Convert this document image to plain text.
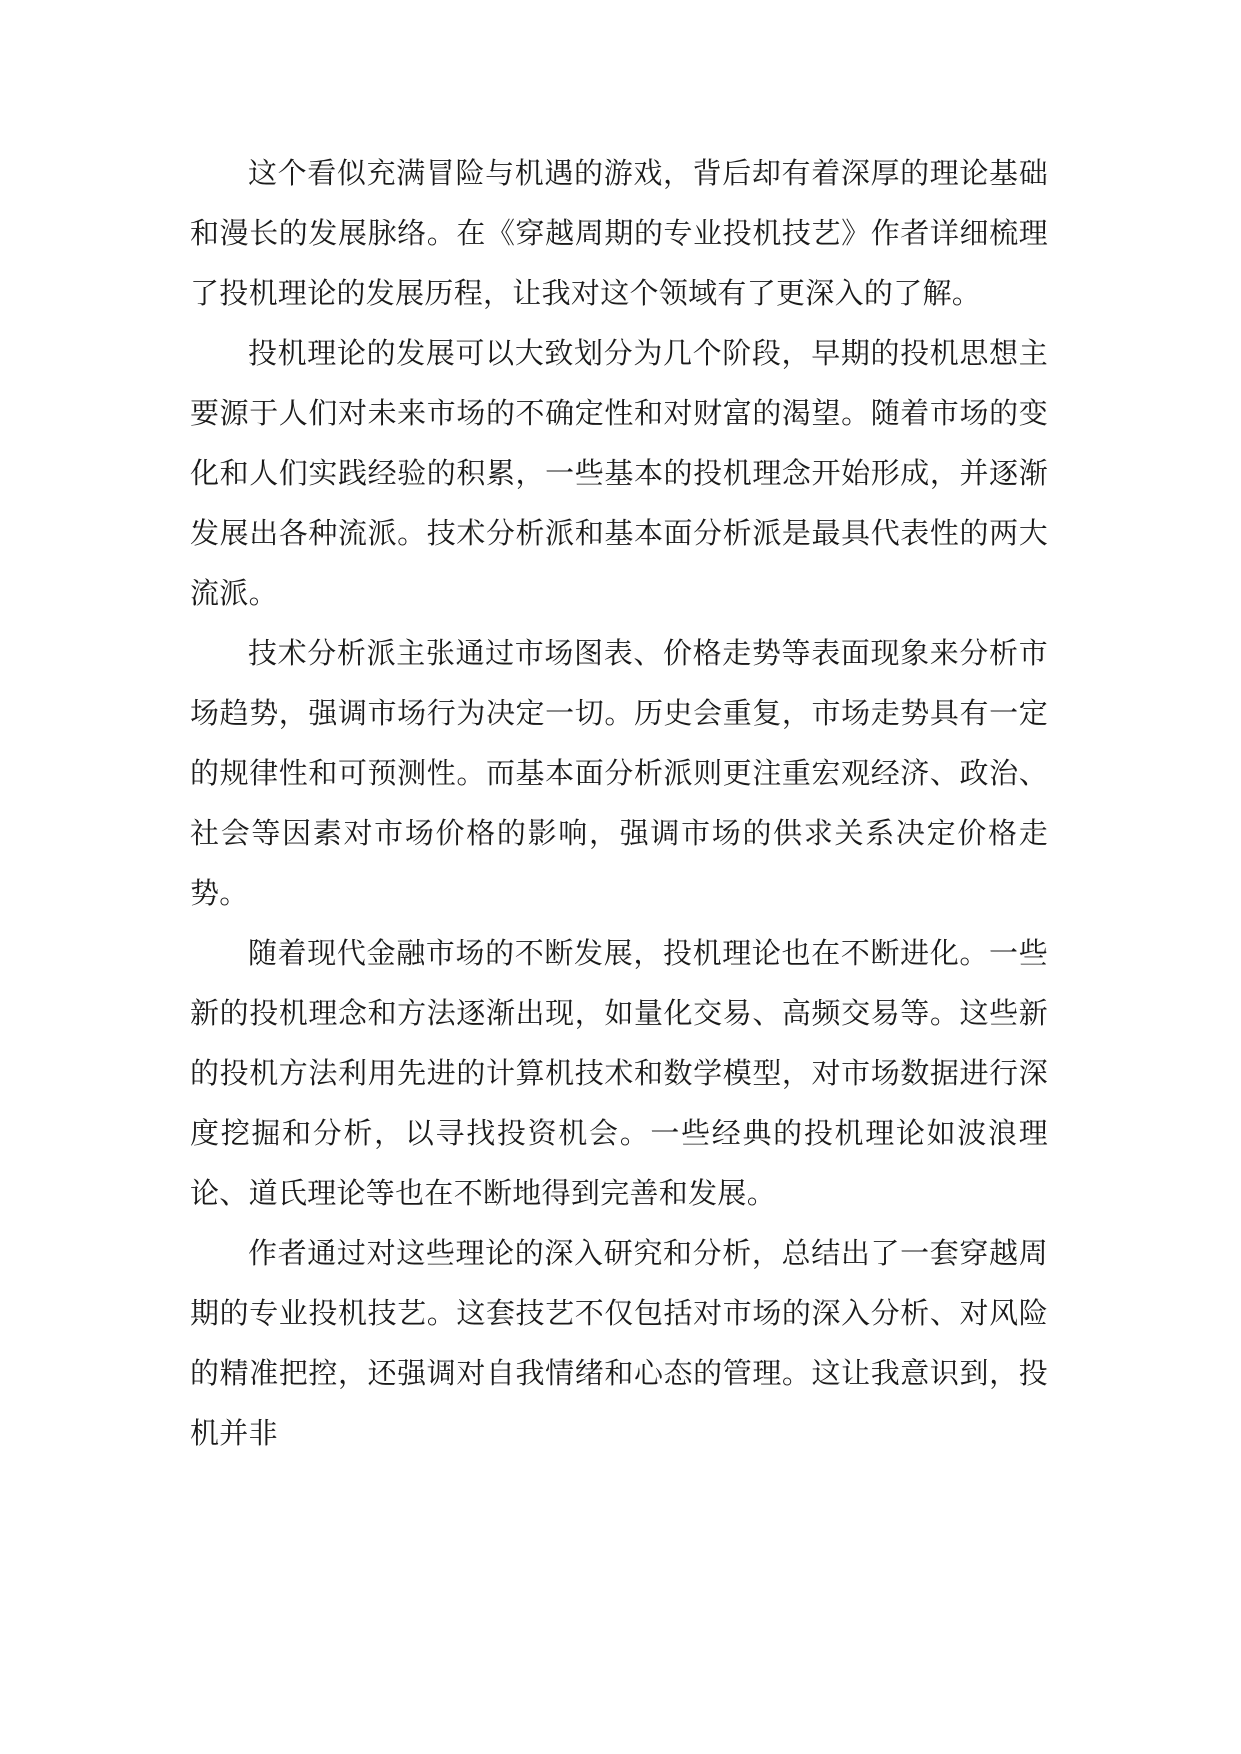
这个看似充满冒险与机遇的游戏，背后却有着深厚的理论基础和漫长的发展脉络。在《穿越周期的专业投机技艺》作者详细梳理了投机理论的发展历程，让我对这个领域有了更深入的了解。

投机理论的发展可以大致划分为几个阶段，早期的投机思想主要源于人们对未来市场的不确定性和对财富的渴望。随着市场的变化和人们实践经验的积累，一些基本的投机理念开始形成，并逐渐发展出各种流派。技术分析派和基本面分析派是最具代表性的两大流派。

技术分析派主张通过市场图表、价格走势等表面现象来分析市场趋势，强调市场行为决定一切。历史会重复，市场走势具有一定的规律性和可预测性。而基本面分析派则更注重宏观经济、政治、社会等因素对市场价格的影响，强调市场的供求关系决定价格走势。

随着现代金融市场的不断发展，投机理论也在不断进化。一些新的投机理念和方法逐渐出现，如量化交易、高频交易等。这些新的投机方法利用先进的计算机技术和数学模型，对市场数据进行深度挖掘和分析，以寻找投资机会。一些经典的投机理论如波浪理论、道氏理论等也在不断地得到完善和发展。

作者通过对这些理论的深入研究和分析，总结出了一套穿越周期的专业投机技艺。这套技艺不仅包括对市场的深入分析、对风险的精准把控，还强调对自我情绪和心态的管理。这让我意识到，投机并非
